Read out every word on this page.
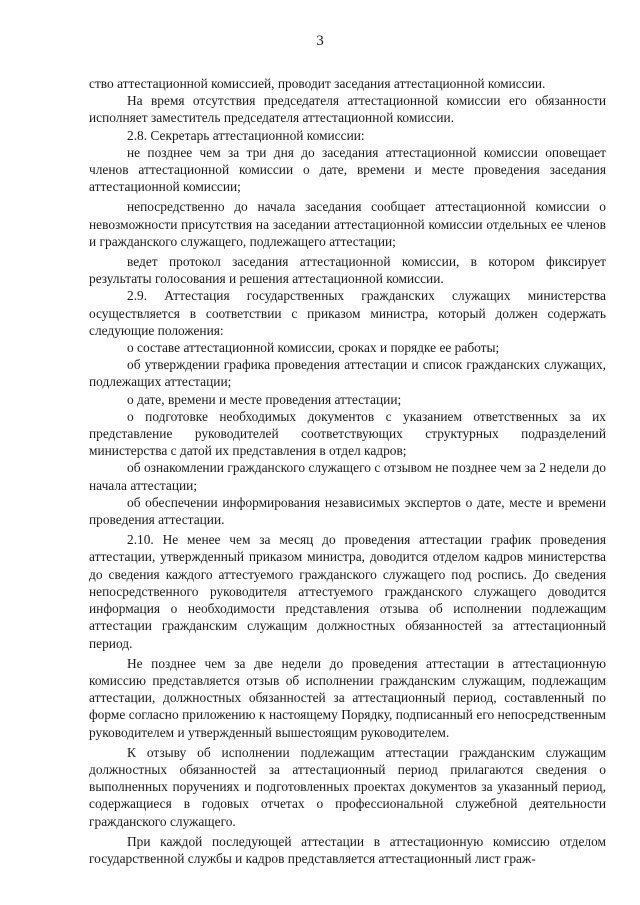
3

ство аттестационной комиссией, проводит заседания аттестационной комиссии.

На время отсутствия председателя аттестационной комиссии его обязанности исполняет заместитель председателя аттестационной комиссии.

2.8. Секретарь аттестационной комиссии:

не позднее чем за три дня до заседания аттестационной комиссии оповещает членов аттестационной комиссии о дате, времени и месте проведения заседания аттестационной комиссии;

непосредственно до начала заседания сообщает аттестационной комиссии о невозможности присутствия на заседании аттестационной комиссии отдельных ее членов и гражданского служащего, подлежащего аттестации;

ведет протокол заседания аттестационной комиссии, в котором фиксирует результаты голосования и решения аттестационной комиссии.

2.9. Аттестация государственных гражданских служащих министерства осуществляется в соответствии с приказом министра, который должен содержать следующие положения:

о составе аттестационной комиссии, сроках и порядке ее работы;

об утверждении графика проведения аттестации и список гражданских служащих, подлежащих аттестации;

о дате, времени и месте проведения аттестации;

о подготовке необходимых документов с указанием ответственных за их представление руководителей соответствующих структурных подразделений министерства с датой их представления в отдел кадров;

об ознакомлении гражданского служащего с отзывом не позднее чем за 2 недели до начала аттестации;

об обеспечении информирования независимых экспертов о дате, месте и времени проведения аттестации.

2.10. Не менее чем за месяц до проведения аттестации график проведения аттестации, утвержденный приказом министра, доводится отделом кадров министерства до сведения каждого аттестуемого гражданского служащего под роспись. До сведения непосредственного руководителя аттестуемого гражданского служащего доводится информация о необходимости представления отзыва об исполнении подлежащим аттестации гражданским служащим должностных обязанностей за аттестационный период.

Не позднее чем за две недели до проведения аттестации в аттестационную комиссию представляется отзыв об исполнении гражданским служащим, подлежащим аттестации, должностных обязанностей за аттестационный период, составленный по форме согласно приложению к настоящему Порядку, подписанный его непосредственным руководителем и утвержденный вышестоящим руководителем.

К отзыву об исполнении подлежащим аттестации гражданским служащим должностных обязанностей за аттестационный период прилагаются сведения о выполненных поручениях и подготовленных проектах документов за указанный период, содержащиеся в годовых отчетах о профессиональной служебной деятельности гражданского служащего.

При каждой последующей аттестации в аттестационную комиссию отделом государственной службы и кадров представляется аттестационный лист граж-
